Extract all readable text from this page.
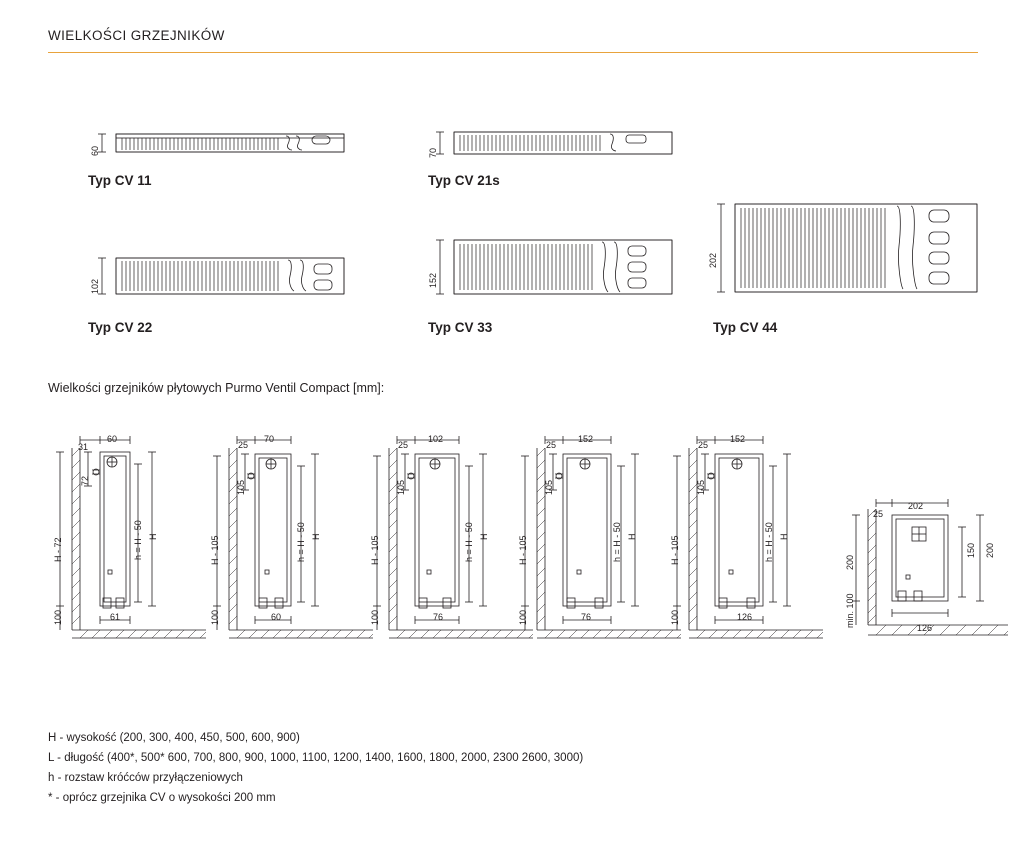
WIELKOŚCI GRZEJNIKÓW
60
Typ CV 11
70
Typ CV 21s
102
Typ CV 22
152
Typ CV 33
202
Typ CV 44
Wielkości grzejników płytowych Purmo Ventil Compact [mm]:
31
60
72
H - 72
100
h = H - 50 H
61
25
70
105
H - 105
100
h = H - 50 H
60
25
102
105
H - 105
100
h = H - 50 H
76
25
152
105
H - 105
100
h = H - 50 H
76
25
152
105
H - 105
100
h = H - 50 H
126
25
202
200
min. 100
150 200
126
H - wysokość (200, 300, 400, 450, 500, 600, 900)
L - długość (400*, 500* 600, 700, 800, 900, 1000, 1100, 1200, 1400, 1600, 1800, 2000, 2300 2600, 3000)
h - rozstaw króćców przyłączeniowych
* - oprócz grzejnika CV o wysokości 200 mm
